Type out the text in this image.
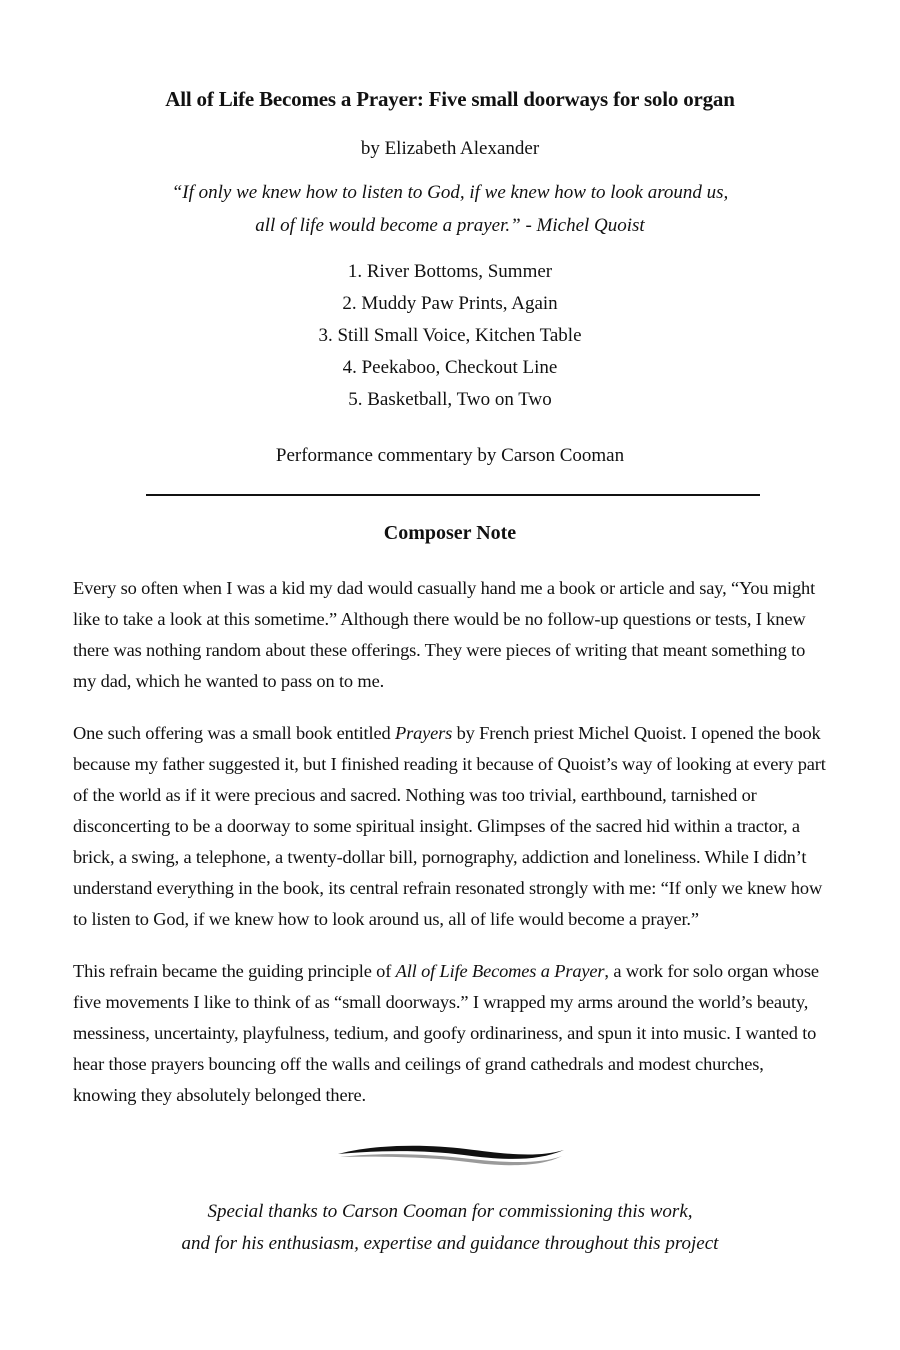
All of Life Becomes a Prayer: Five small doorways for solo organ
by Elizabeth Alexander
“If only we knew how to listen to God, if we knew how to look around us,
all of life would become a prayer.” - Michel Quoist
1. River Bottoms, Summer
2. Muddy Paw Prints, Again
3. Still Small Voice, Kitchen Table
4. Peekaboo, Checkout Line
5. Basketball, Two on Two
Performance commentary by Carson Cooman
Composer Note

Every so often when I was a kid my dad would casually hand me a book or article and say, “You might like to take a look at this sometime.” Although there would be no follow-up questions or tests, I knew there was nothing random about these offerings. They were pieces of writing that meant something to my dad, which he wanted to pass on to me.

One such offering was a small book entitled Prayers by French priest Michel Quoist. I opened the book because my father suggested it, but I finished reading it because of Quoist’s way of looking at every part of the world as if it were precious and sacred. Nothing was too trivial, earthbound, tarnished or disconcerting to be a doorway to some spiritual insight. Glimpses of the sacred hid within a tractor, a brick, a swing, a telephone, a twenty-dollar bill, pornography, addiction and loneliness. While I didn’t understand everything in the book, its central refrain resonated strongly with me: “If only we knew how to listen to God, if we knew how to look around us, all of life would become a prayer.”

This refrain became the guiding principle of All of Life Becomes a Prayer, a work for solo organ whose five movements I like to think of as “small doorways.” I wrapped my arms around the world’s beauty, messiness, uncertainty, playfulness, tedium, and goofy ordinariness, and spun it into music. I wanted to hear those prayers bouncing off the walls and ceilings of grand cathedrals and modest churches, knowing they absolutely belonged there.

Special thanks to Carson Cooman for commissioning this work,
and for his enthusiasm, expertise and guidance throughout this project
